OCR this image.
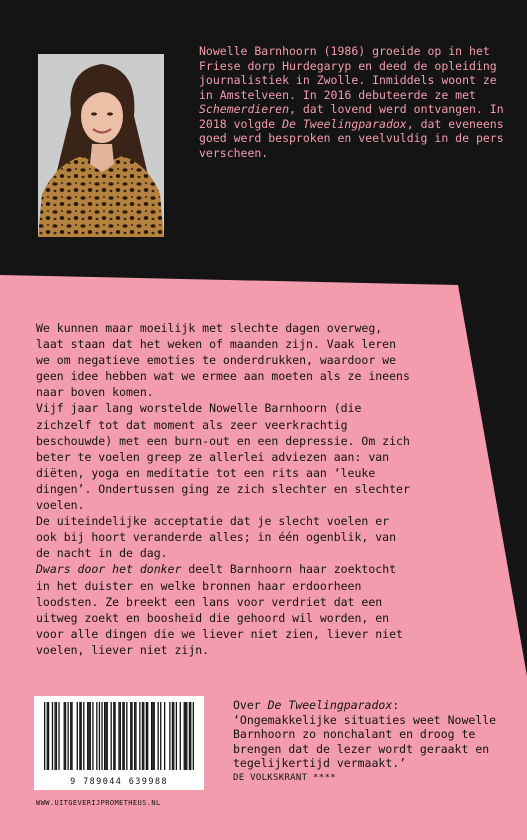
Nowelle Barnhoorn (1986) groeide op in het Friese dorp Hurdegaryp en deed de opleiding journalistiek in Zwolle. Inmiddels woont ze in Amstelveen. In 2016 debuteerde ze met Schemerdieren, dat lovend werd ontvangen. In 2018 volgde De Tweelingparadox, dat eveneens goed werd besproken en veelvuldig in de pers verscheen.

We kunnen maar moeilijk met slechte dagen overweg, laat staan dat het weken of maanden zijn. Vaak leren we om negatieve emoties te onderdrukken, waardoor we geen idee hebben wat we ermee aan moeten als ze ineens naar boven komen.

Vijf jaar lang worstelde Nowelle Barnhoorn (die zichzelf tot dat moment als zeer veerkrachtig beschouwde) met een burn-out en een depressie. Om zich beter te voelen greep ze allerlei adviezen aan: van diëten, yoga en meditatie tot een rits aan ‘leuke dingen’. Ondertussen ging ze zich slechter en slechter voelen.

De uiteindelijke acceptatie dat je slecht voelen er ook bij hoort veranderde alles; in één ogenblik, van de nacht in de dag.

Dwars door het donker deelt Barnhoorn haar zoektocht in het duister en welke bronnen haar erdoorheen loodsten. Ze breekt een lans voor verdriet dat een uitweg zoekt en boosheid die gehoord wil worden, en voor alle dingen die we liever niet zien, liever niet voelen, liever niet zijn.

9 789044 639988
WWW.UITGEVERIJPROMETHEUS.NL

Over De Tweelingparadox:

‘Ongemakkelijke situaties weet Nowelle Barnhoorn zo nonchalant en droog te brengen dat de lezer wordt geraakt en tegelijkertijd vermaakt.’

DE VOLKSKRANT ****
